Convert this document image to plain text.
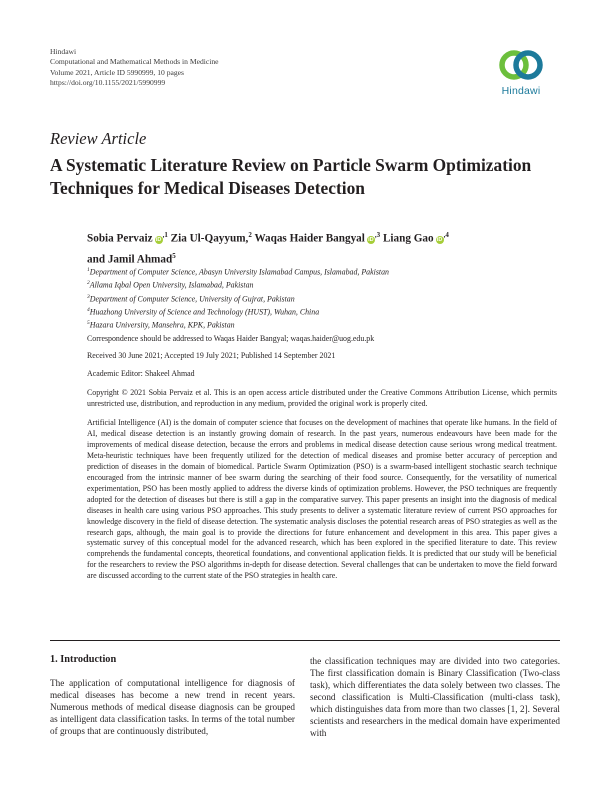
Hindawi
Computational and Mathematical Methods in Medicine
Volume 2021, Article ID 5990999, 10 pages
https://doi.org/10.1155/2021/5990999
Hindawi
Review Article
A Systematic Literature Review on Particle Swarm Optimization Techniques for Medical Diseases Detection
Sobia Pervaiz $iD^{,1}$ Zia Ul-Qayyum,$^2$ Waqas Haider Bangyal $iD^{,3}$ Liang Gao $iD^{,4}$
and Jamil Ahmad$^5$
$^1$Department of Computer Science, Abasyn University Islamabad Campus, Islamabad, Pakistan
$^2$Allama Iqbal Open University, Islamabad, Pakistan
$^3$Department of Computer Science, University of Gujrat, Pakistan
$^4$Huazhong University of Science and Technology (HUST), Wuhan, China
$^5$Hazara University, Mansehra, KPK, Pakistan
Correspondence should be addressed to Waqas Haider Bangyal; waqas.haider@uog.edu.pk
Received 30 June 2021; Accepted 19 July 2021; Published 14 September 2021
Academic Editor: Shakeel Ahmad
Copyright © 2021 Sobia Pervaiz et al. This is an open access article distributed under the Creative Commons Attribution License, which permits unrestricted use, distribution, and reproduction in any medium, provided the original work is properly cited.
Artificial Intelligence (AI) is the domain of computer science that focuses on the development of machines that operate like humans. In the field of AI, medical disease detection is an instantly growing domain of research. In the past years, numerous endeavours have been made for the improvements of medical disease detection, because the errors and problems in medical disease detection cause serious wrong medical treatment. Meta-heuristic techniques have been frequently utilized for the detection of medical diseases and promise better accuracy of perception and prediction of diseases in the domain of biomedical. Particle Swarm Optimization (PSO) is a swarm-based intelligent stochastic search technique encouraged from the intrinsic manner of bee swarm during the searching of their food source. Consequently, for the versatility of numerical experimentation, PSO has been mostly applied to address the diverse kinds of optimization problems. However, the PSO techniques are frequently adopted for the detection of diseases but there is still a gap in the comparative survey. This paper presents an insight into the diagnosis of medical diseases in health care using various PSO approaches. This study presents to deliver a systematic literature review of current PSO approaches for knowledge discovery in the field of disease detection. The systematic analysis discloses the potential research areas of PSO strategies as well as the research gaps, although, the main goal is to provide the directions for future enhancement and development in this area. This paper gives a systematic survey of this conceptual model for the advanced research, which has been explored in the specified literature to date. This review comprehends the fundamental concepts, theoretical foundations, and conventional application fields. It is predicted that our study will be beneficial for the researchers to review the PSO algorithms in-depth for disease detection. Several challenges that can be undertaken to move the field forward are discussed according to the current state of the PSO strategies in health care.
1. Introduction
The application of computational intelligence for diagnosis of medical diseases has become a new trend in recent years. Numerous methods of medical disease diagnosis can be grouped as intelligent data classification tasks. In terms of the total number of groups that are continuously distributed,
the classification techniques may are divided into two categories. The first classification domain is Binary Classification (Two-class task), which differentiates the data solely between two classes. The second classification is Multi-Classification (multi-class task), which distinguishes data from more than two classes [1, 2]. Several scientists and researchers in the medical domain have experimented with
